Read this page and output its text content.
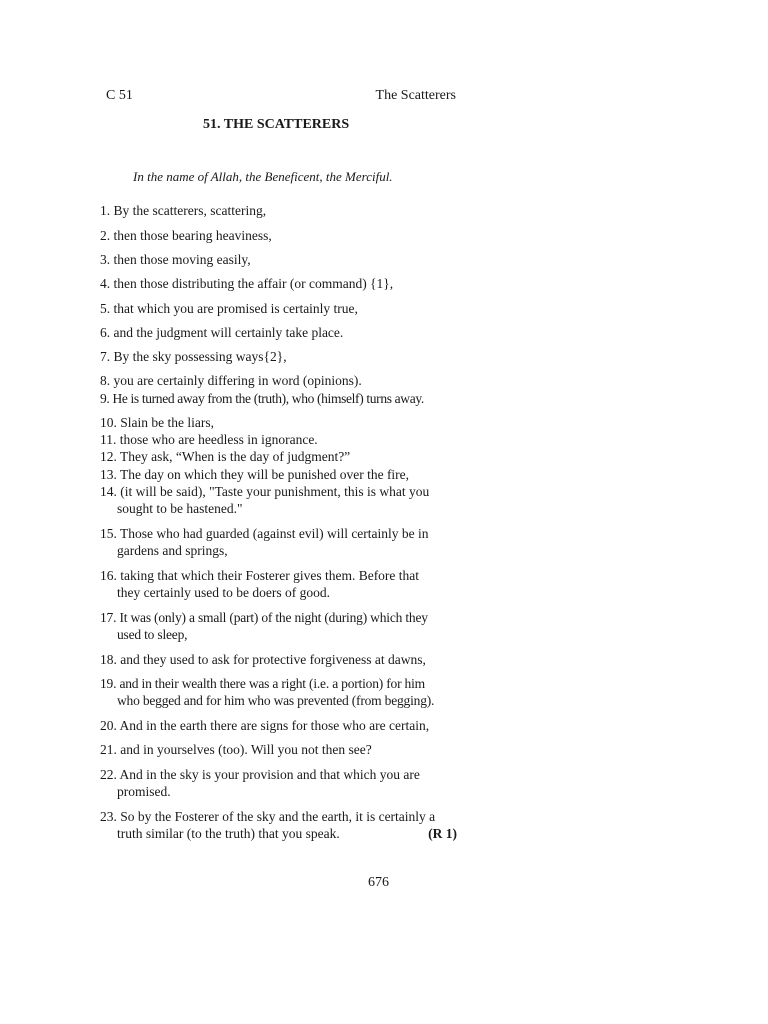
C 51	The Scatterers
51. THE SCATTERERS
In the name of Allah, the Beneficent, the Merciful.
1. By the scatterers, scattering,
2. then those bearing heaviness,
3. then those moving easily,
4. then those distributing the affair (or command) {1},
5. that which you are promised is certainly true,
6. and the judgment will certainly take place.
7. By the sky possessing ways{2},
8. you are certainly differing in word (opinions).
9. He is turned away from the (truth), who (himself) turns away.
10. Slain be the liars,
11. those who are heedless in ignorance.
12. They ask, “When is the day of judgment?”
13. The day on which they will be punished over the fire,
14. (it will be said), "Taste your punishment, this is what you
sought to be hastened."
15. Those who had guarded (against evil) will certainly be in
gardens and springs,
16. taking that which their Fosterer gives them. Before that
they certainly used to be doers of good.
17. It was (only) a small (part) of the night (during) which they
used to sleep,
18. and they used to ask for protective forgiveness at dawns,
19. and in their wealth there was a right (i.e. a portion) for him
who begged and for him who was prevented (from begging).
20. And in the earth there are signs for those who are certain,
21. and in yourselves (too). Will you not then see?
22. And in the sky is your provision and that which you are
promised.
23. So by the Fosterer of the sky and the earth, it is certainly a
truth similar (to the truth) that you speak.	(R 1)
676
